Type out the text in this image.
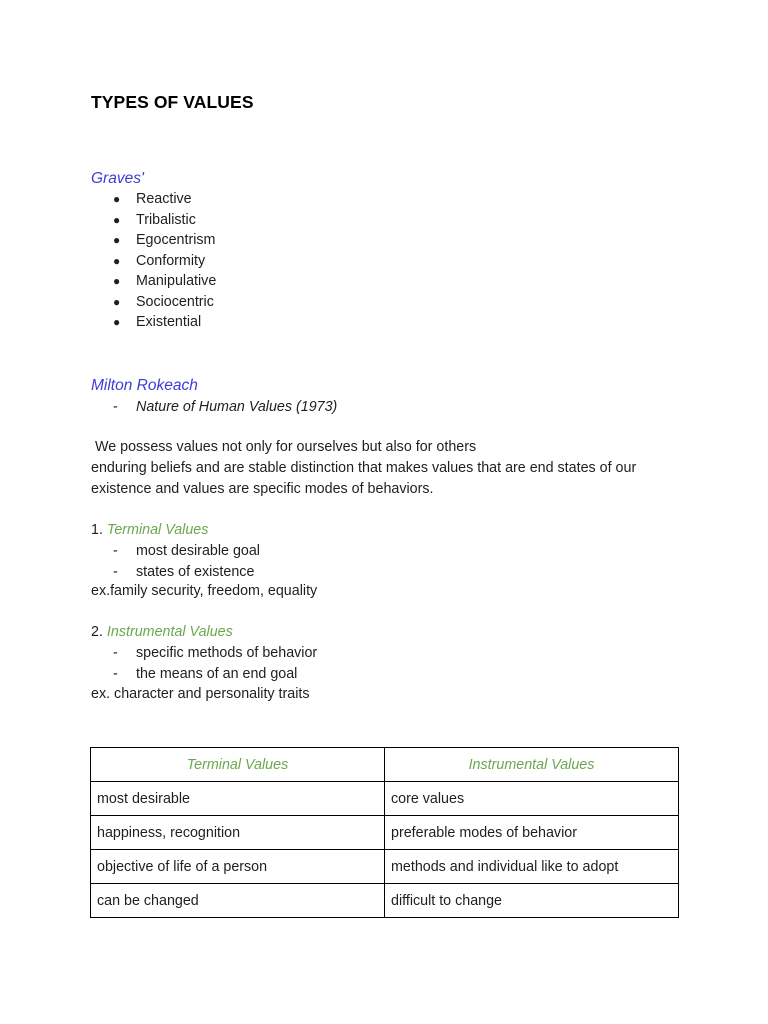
TYPES OF VALUES

Graves'

● Reactive
● Tribalistic
● Egocentrism
● Conformity
● Manipulative
● Sociocentric
● Existential

Milton Rokeach

- Nature of Human Values (1973)

We possess values not only for ourselves but also for others

enduring beliefs and are stable distinction that makes values that are end states of our

existence and values are specific modes of behaviors.

1. Terminal Values

- most desirable goal
- states of existence

ex.family security, freedom, equality

2. Instrumental Values

- specific methods of behavior
- the means of an end goal

ex. character and personality traits

Terminal Values	Instrumental Values
most desirable	core values
happiness, recognition	preferable modes of behavior
objective of life of a person	methods and individual like to adopt
can be changed	difficult to change
